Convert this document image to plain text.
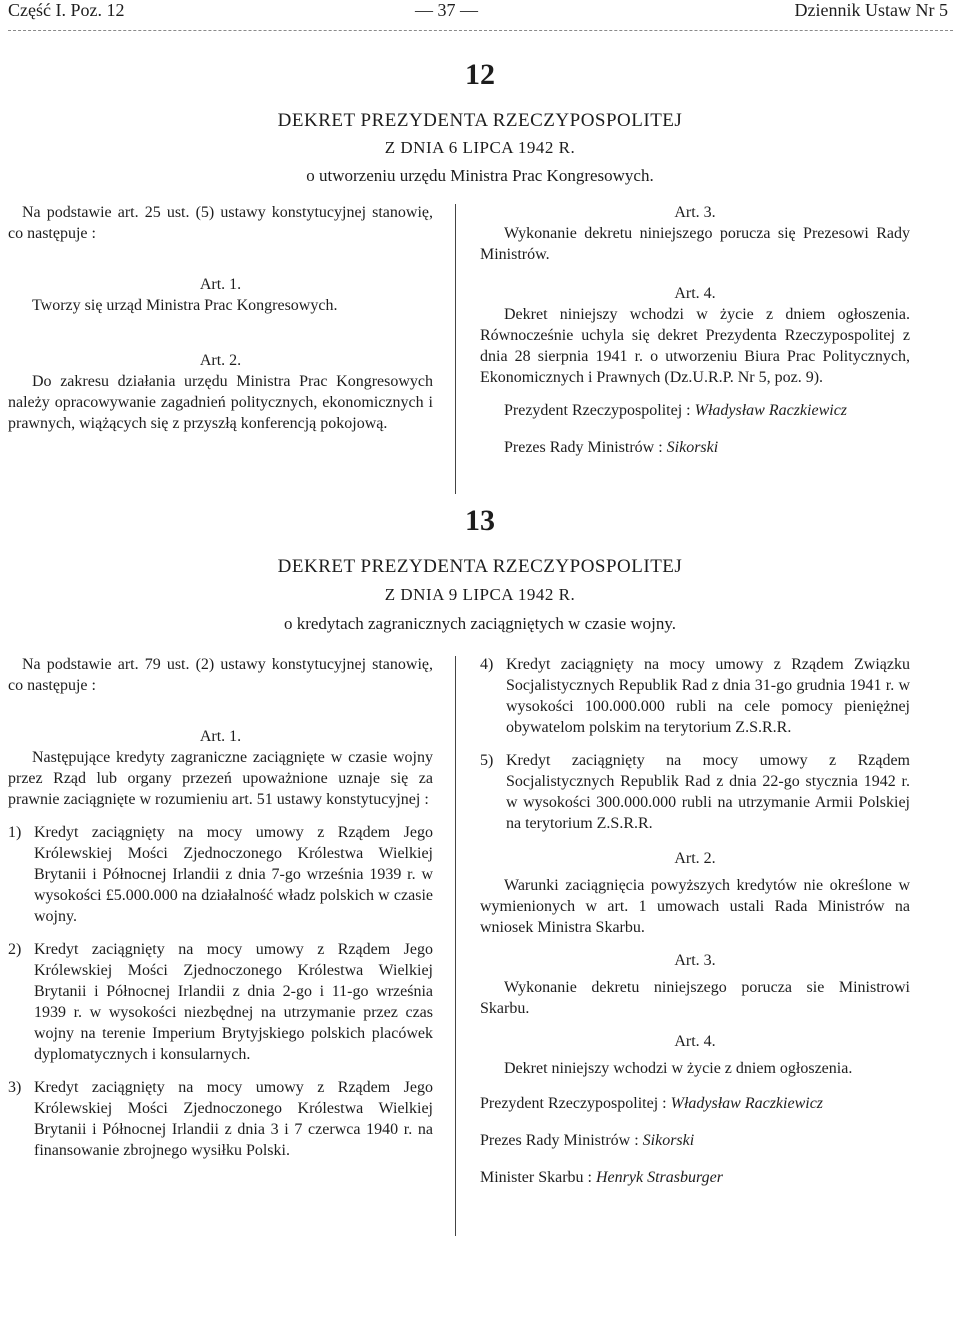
Część I. Poz. 12	— 37 —	Dziennik Ustaw Nr 5
12
DEKRET PREZYDENTA RZECZYPOSPOLITEJ
Z DNIA 6 LIPCA 1942 R.
o utworzeniu urzędu Ministra Prac Kongresowych.

Na podstawie art. 25 ust. (5) ustawy konstytucyjnej stanowię, co następuje :

Art. 1.

Tworzy się urząd Ministra Prac Kongresowych.

Art. 2.

Do zakresu działania urzędu Ministra Prac Kongresowych należy opracowywanie zagadnień politycznych, ekonomicznych i prawnych, wiążących się z przyszłą konferencją pokojową.

Art. 3.

Wykonanie dekretu niniejszego porucza się Prezesowi Rady Ministrów.

Art. 4.

Dekret niniejszy wchodzi w życie z dniem ogłoszenia. Równocześnie uchyla się dekret Prezydenta Rzeczypospolitej z dnia 28 sierpnia 1941 r. o utworzeniu Biura Prac Politycznych, Ekonomicznych i Prawnych (Dz.U.R.P. Nr 5, poz. 9).

Prezydent Rzeczypospolitej : Władysław Raczkiewicz
Prezes Rady Ministrów : Sikorski
13
DEKRET PREZYDENTA RZECZYPOSPOLITEJ
Z DNIA 9 LIPCA 1942 R.
o kredytach zagranicznych zaciągniętych w czasie wojny.

Na podstawie art. 79 ust. (2) ustawy konstytucyjnej stanowię, co następuje :

Art. 1.

Następujące kredyty zagraniczne zaciągnięte w czasie wojny przez Rząd lub organy przezeń upoważnione uznaje się za prawnie zaciągnięte w rozumieniu art. 51 ustawy konstytucyjnej :

1) Kredyt zaciągnięty na mocy umowy z Rządem Jego Królewskiej Mości Zjednoczonego Królestwa Wielkiej Brytanii i Północnej Irlandii z dnia 7-go września 1939 r. w wysokości £5.000.000 na działalność władz polskich w czasie wojny.
2) Kredyt zaciągnięty na mocy umowy z Rządem Jego Królewskiej Mości Zjednoczonego Królestwa Wielkiej Brytanii i Północnej Irlandii z dnia 2-go i 11-go września 1939 r. w wysokości niezbędnej na utrzymanie przez czas wojny na terenie Imperium Brytyjskiego polskich placówek dyplomatycznych i konsularnych.
3) Kredyt zaciągnięty na mocy umowy z Rządem Jego Królewskiej Mości Zjednoczonego Królestwa Wielkiej Brytanii i Północnej Irlandii z dnia 3 i 7 czerwca 1940 r. na finansowanie zbrojnego wysiłku Polski.
4) Kredyt zaciągnięty na mocy umowy z Rządem Związku Socjalistycznych Republik Rad z dnia 31-go grudnia 1941 r. w wysokości 100.000.000 rubli na cele pomocy pieniężnej obywatelom polskim na terytorium Z.S.R.R.
5) Kredyt zaciągnięty na mocy umowy z Rządem Socjalistycznych Republik Rad z dnia 22-go stycznia 1942 r. w wysokości 300.000.000 rubli na utrzymanie Armii Polskiej na terytorium Z.S.R.R.
Art. 2.

Warunki zaciągnięcia powyższych kredytów nie określone w wymienionych w art. 1 umowach ustali Rada Ministrów na wniosek Ministra Skarbu.

Art. 3.

Wykonanie dekretu niniejszego porucza sie Ministrowi Skarbu.

Art. 4.

Dekret niniejszy wchodzi w życie z dniem ogłoszenia.

Prezydent Rzeczypospolitej : Władysław Raczkiewicz
Prezes Rady Ministrów : Sikorski
Minister Skarbu : Henryk Strasburger
